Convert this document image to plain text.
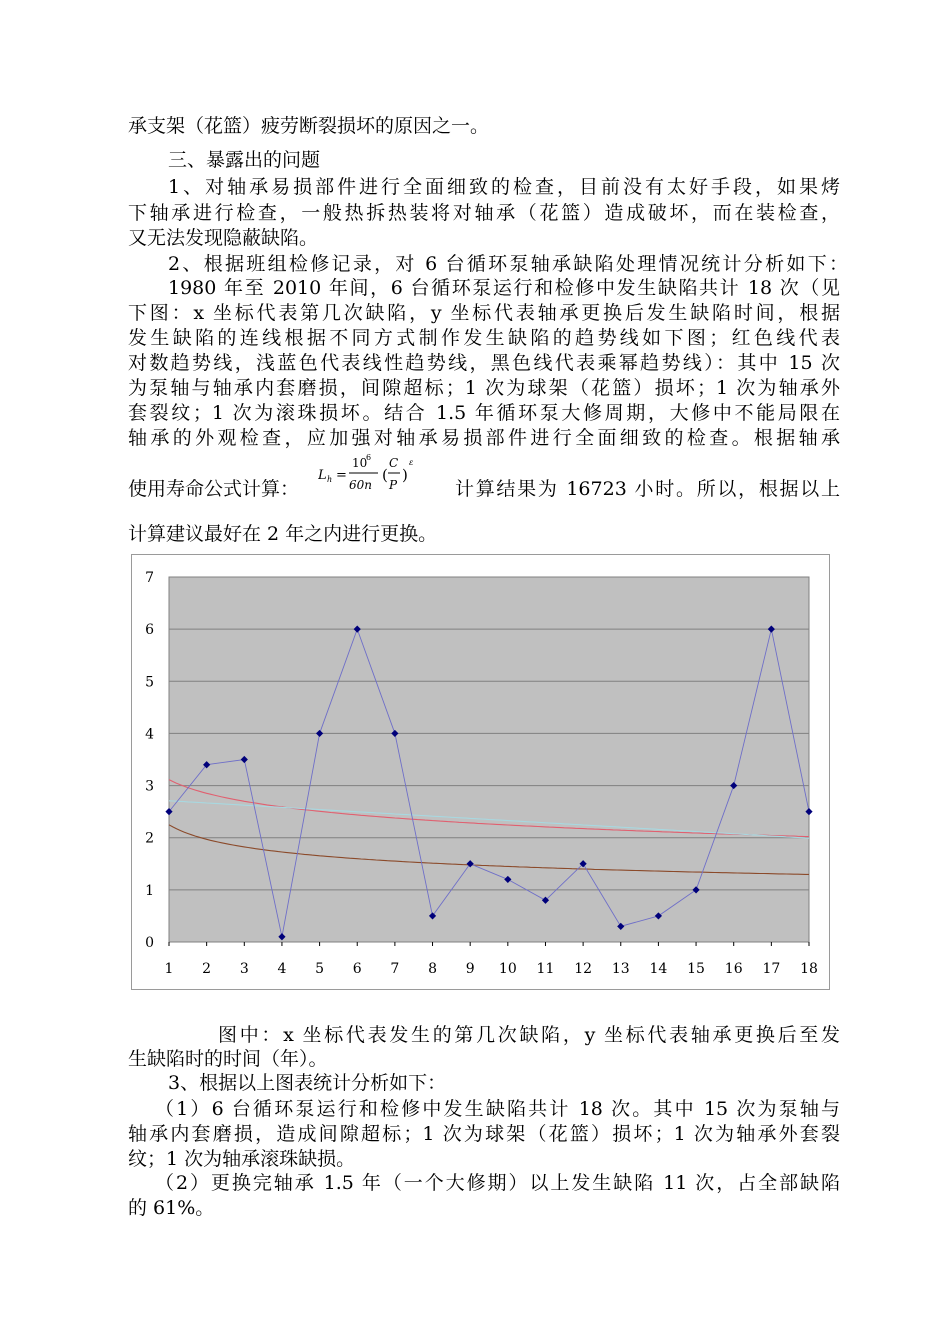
承支架（花篮）疲劳断裂损坏的原因之一。
三、暴露出的问题
1、对轴承易损部件进行全面细致的检查，目前没有太好手段，如果烤
下轴承进行检查，一般热拆热装将对轴承（花篮）造成破坏，而在装检查，
又无法发现隐蔽缺陷。
2、根据班组检修记录，对 6 台循环泵轴承缺陷处理情况统计分析如下：
1980 年至 2010 年间，6 台循环泵运行和检修中发生缺陷共计 18 次（见
下图：x 坐标代表第几次缺陷，y 坐标代表轴承更换后发生缺陷时间，根据
发生缺陷的连线根据不同方式制作发生缺陷的趋势线如下图；红色线代表
对数趋势线，浅蓝色代表线性趋势线，黑色线代表乘幂趋势线）：其中 15 次
为泵轴与轴承内套磨损，间隙超标；1 次为球架（花篮）损坏；1 次为轴承外
套裂纹；1 次为滚珠损坏。结合 1.5 年循环泵大修周期，大修中不能局限在
轴承的外观检查，应加强对轴承易损部件进行全面细致的检查。根据轴承
使用寿命公式计算：
L h =
10
6
60n
(
C
P
)
ε
计算结果为 16723 小时。所以，根据以上
计算建议最好在 2 年之内进行更换。
0
1
2
3
4
5
6
7
1 2 3 4 5 6 7 8 9 10 11 12 13 14 15 16 17 18
图中：x 坐标代表发生的第几次缺陷，y 坐标代表轴承更换后至发
生缺陷时的时间（年）。
3、根据以上图表统计分析如下：
（1）6 台循环泵运行和检修中发生缺陷共计 18 次。其中 15 次为泵轴与
轴承内套磨损，造成间隙超标；1 次为球架（花篮）损坏；1 次为轴承外套裂
纹；1 次为轴承滚珠缺损。
（2）更换完轴承 1.5 年（一个大修期）以上发生缺陷 11 次，占全部缺陷
的 61%。
